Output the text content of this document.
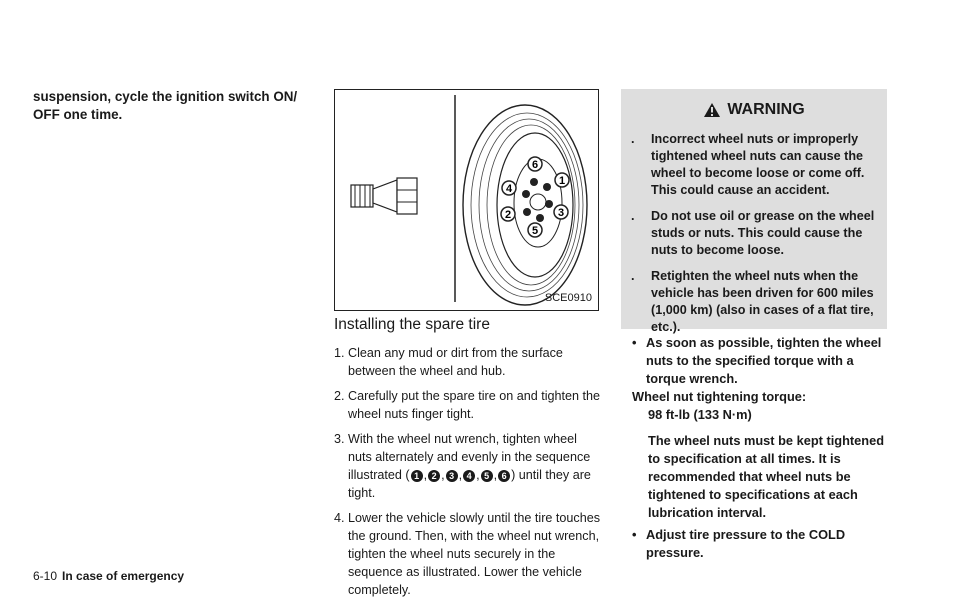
suspension, cycle the ignition switch ON/ OFF one time.

1
3
2
5
4
6
SCE0910
Installing the spare tire
1. Clean any mud or dirt from the surface between the wheel and hub.
2. Carefully put the spare tire on and tighten the wheel nuts finger tight.
3. With the wheel nut wrench, tighten wheel nuts alternately and evenly in the sequence illustrated ( 1 , 2 , 3 , 4 , 5 , 6 ) until they are tight.
4. Lower the vehicle slowly until the tire touches the ground. Then, with the wheel nut wrench, tighten the wheel nuts securely in the sequence as illustrated. Lower the vehicle completely.
WARNING
. Incorrect wheel nuts or improperly tightened wheel nuts can cause the wheel to become loose or come off. This could cause an accident.
. Do not use oil or grease on the wheel studs or nuts. This could cause the nuts to become loose.
. Retighten the wheel nuts when the vehicle has been driven for 600 miles (1,000 km) (also in cases of a flat tire, etc.).

• As soon as possible, tighten the wheel nuts to the specified torque with a torque wrench.

Wheel nut tightening torque:

98 ft-lb (133 N·m)

The wheel nuts must be kept tightened to specification at all times. It is recommended that wheel nuts be tightened to specifications at each lubrication interval.

• Adjust tire pressure to the COLD pressure.

6-10 In case of emergency
